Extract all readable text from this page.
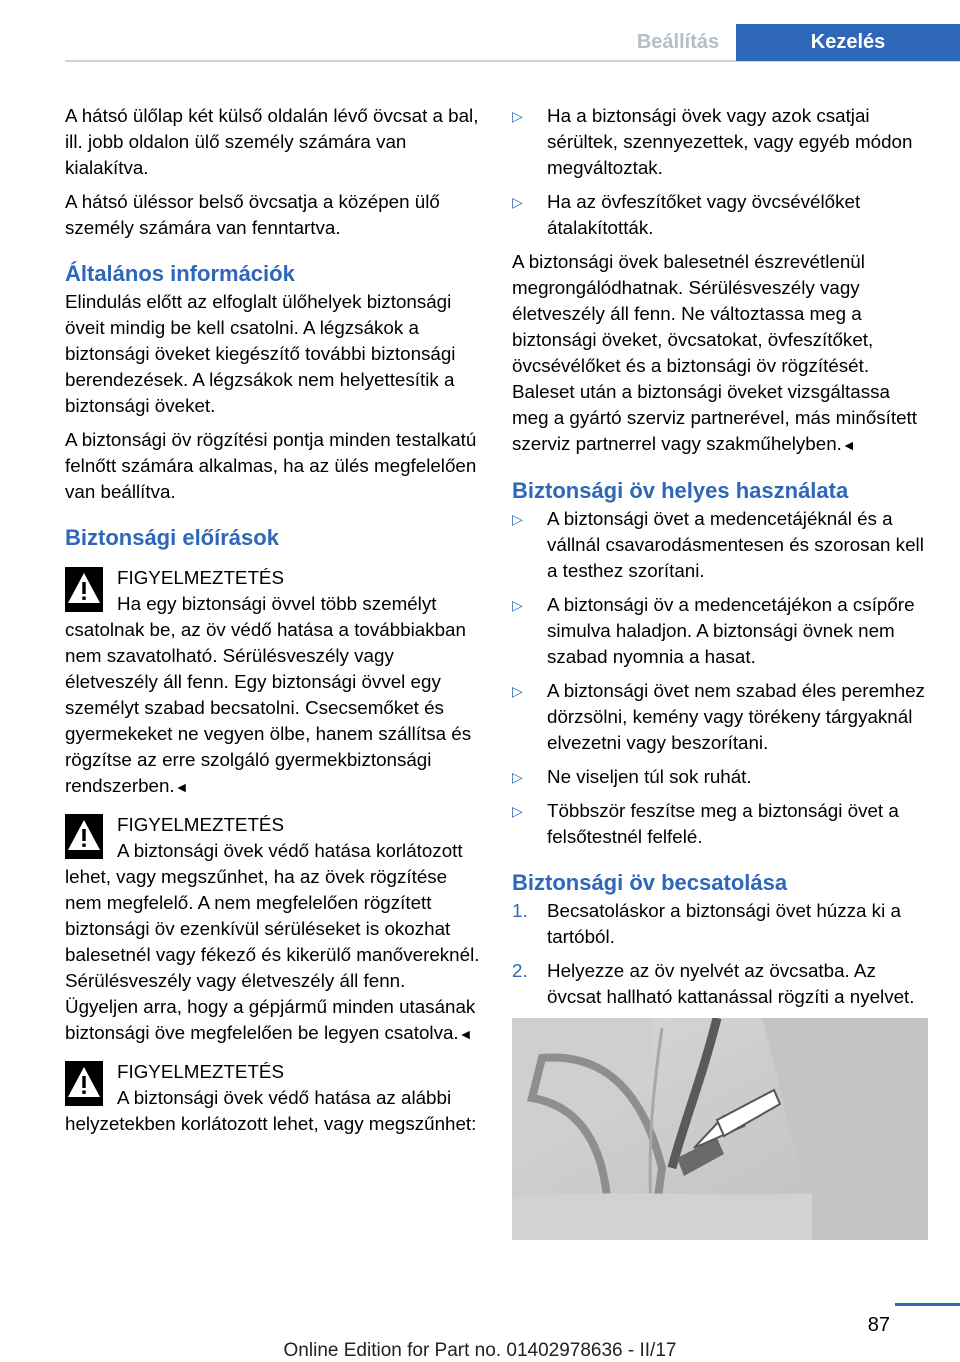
Beállítás	Kezelés

A hátsó ülőlap két külső oldalán lévő övcsat a bal, ill. jobb oldalon ülő személy számára van kialakítva.

A hátsó üléssor belső övcsatja a középen ülő személy számára van fenntartva.

Általános információk

Elindulás előtt az elfoglalt ülőhelyek biztonsági öveit mindig be kell csatolni. A légzsákok a biztonsági öveket kiegészítő további biztonsági berendezések. A légzsákok nem helyettesítik a biztonsági öveket.

A biztonsági öv rögzítési pontja minden testalkatú felnőtt számára alkalmas, ha az ülés megfelelően van beállítva.

Biztonsági előírások
FIGYELMEZTETÉS
Ha egy biztonsági övvel több személyt csatolnak be, az öv védő hatása a továbbiakban nem szavatolható. Sérülésveszély vagy életveszély áll fenn. Egy biztonsági övvel egy személyt szabad becsatolni. Csecsemőket és gyermekeket ne vegyen ölbe, hanem szállítsa és rögzítse az erre szolgáló gyermekbiztonsági rendszerben.◄
FIGYELMEZTETÉS
A biztonsági övek védő hatása korlátozott lehet, vagy megszűnhet, ha az övek rögzítése nem megfelelő. A nem megfelelően rögzített biztonsági öv ezenkívül sérüléseket is okozhat balesetnél vagy fékező és kikerülő manővereknél. Sérülésveszély vagy életveszély áll fenn. Ügyeljen arra, hogy a gépjármű minden utasának biztonsági öve megfelelően be legyen csatolva.◄
FIGYELMEZTETÉS
A biztonsági övek védő hatása az alábbi helyzetekben korlátozott lehet, vagy megszűnhet:
▷ Ha a biztonsági övek vagy azok csatjai sérültek, szennyezettek, vagy egyéb módon megváltoztak.
▷ Ha az övfeszítőket vagy övcsévélőket átalakították.

A biztonsági övek balesetnél észrevétlenül megrongálódhatnak. Sérülésveszély vagy életveszély áll fenn. Ne változtassa meg a biztonsági öveket, övcsatokat, övfeszítőket, övcsévélőket és a biztonsági öv rögzítését. Baleset után a biztonsági öveket vizsgáltassa meg a gyártó szerviz partnerével, más minősített szerviz partnerrel vagy szakműhelyben.◄

Biztonsági öv helyes használata
▷ A biztonsági övet a medencetájéknál és a vállnál csavarodásmentesen és szorosan kell a testhez szorítani.
▷ A biztonsági öv a medencetájékon a csípőre simulva haladjon. A biztonsági övnek nem szabad nyomnia a hasat.
▷ A biztonsági övet nem szabad éles peremhez dörzsölni, kemény vagy törékeny tárgyaknál elvezetni vagy beszorítani.
▷ Ne viseljen túl sok ruhát.
▷ Többször feszítse meg a biztonsági övet a felsőtestnél felfelé.
Biztonsági öv becsatolása
1. Becsatoláskor a biztonsági övet húzza ki a tartóból.
2. Helyezze az öv nyelvét az övcsatba. Az övcsat hallható kattanással rögzíti a nyelvet.
87
Online Edition for Part no. 01402978636 - II/17
